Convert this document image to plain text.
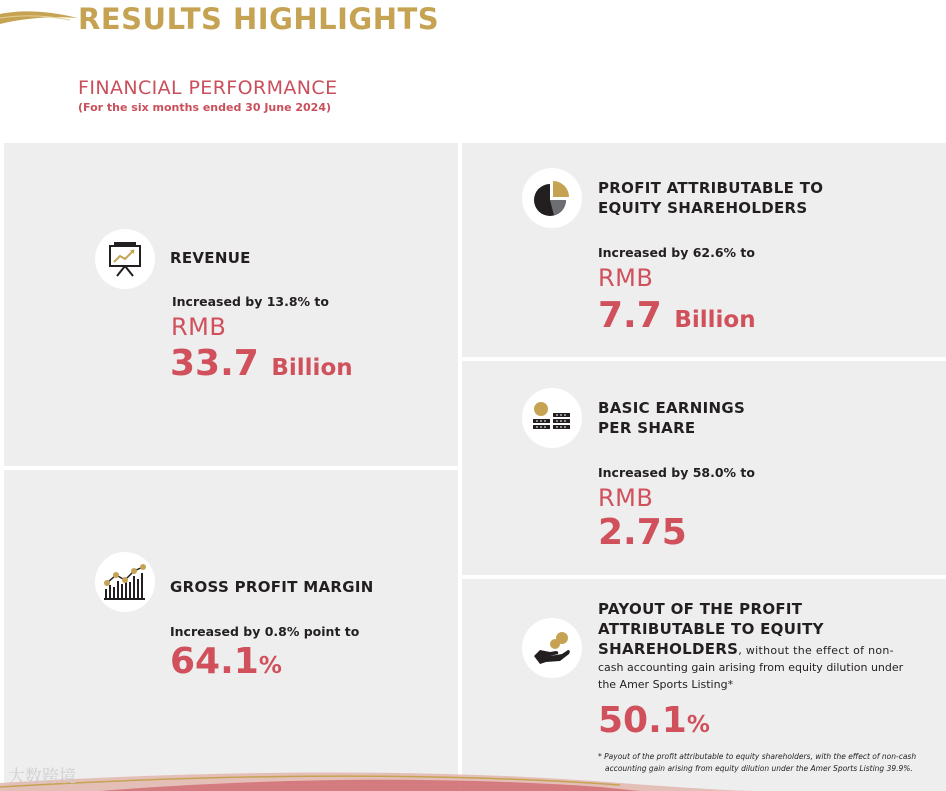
RESULTS HIGHLIGHTS
FINANCIAL PERFORMANCE
(For the six months ended 30 June 2024)
REVENUE
Increased by 13.8% to
RMB
33.7 Billion
GROSS PROFIT MARGIN
Increased by 0.8% point to
64.1%
PROFIT ATTRIBUTABLE TO
EQUITY SHAREHOLDERS
Increased by 62.6% to
RMB
7.7 Billion
BASIC EARNINGS
PER SHARE
Increased by 58.0% to
RMB
2.75
PAYOUT OF THE PROFIT
ATTRIBUTABLE TO EQUITY
SHAREHOLDERS, without the effect of non-
cash accounting gain arising from equity dilution under
the Amer Sports Listing*
50.1%
* Payout of the profit attributable to equity shareholders, with the effect of non-cash
accounting gain arising from equity dilution under the Amer Sports Listing 39.9%.
大数跨境
